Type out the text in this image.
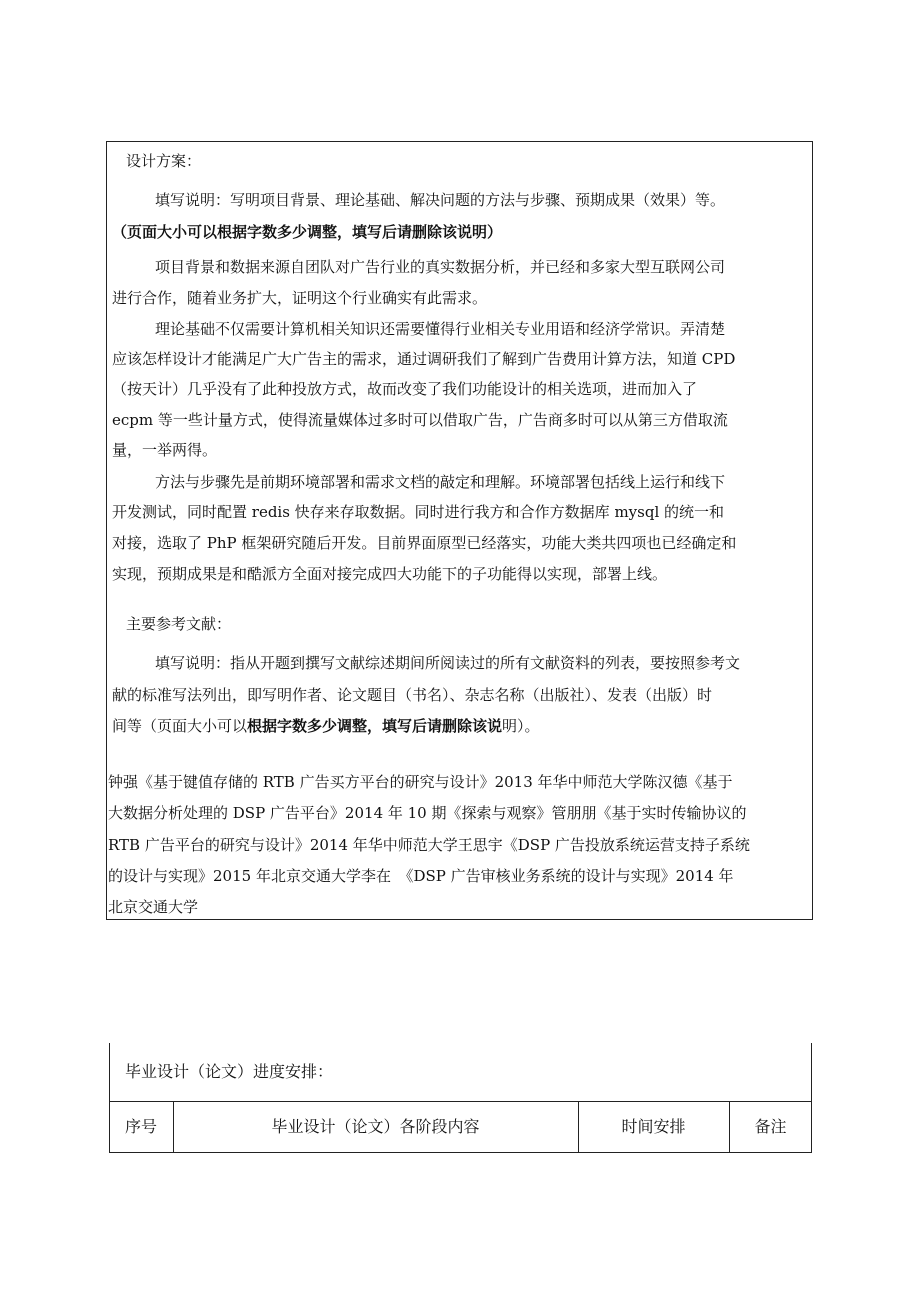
设计方案：
填写说明：写明项目背景、理论基础、解决问题的方法与步骤、预期成果（效果）等。
（页面大小可以根据字数多少调整，填写后请删除该说明）
项目背景和数据来源自团队对广告行业的真实数据分析，并已经和多家大型互联网公司
进行合作，随着业务扩大，证明这个行业确实有此需求。
理论基础不仅需要计算机相关知识还需要懂得行业相关专业用语和经济学常识。弄清楚
应该怎样设计才能满足广大广告主的需求，通过调研我们了解到广告费用计算方法，知道 CPD
（按天计）几乎没有了此种投放方式，故而改变了我们功能设计的相关选项，进而加入了
ecpm 等一些计量方式，使得流量媒体过多时可以借取广告，广告商多时可以从第三方借取流
量，一举两得。
方法与步骤先是前期环境部署和需求文档的敲定和理解。环境部署包括线上运行和线下
开发测试，同时配置 redis 快存来存取数据。同时进行我方和合作方数据库 mysql 的统一和
对接，选取了 PhP 框架研究随后开发。目前界面原型已经落实，功能大类共四项也已经确定和
实现，预期成果是和酷派方全面对接完成四大功能下的子功能得以实现，部署上线。
主要参考文献：
填写说明：指从开题到撰写文献综述期间所阅读过的所有文献资料的列表，要按照参考文
献的标准写法列出，即写明作者、论文题目（书名）、杂志名称（出版社）、发表（出版）时
间等（页面大小可以根据字数多少调整，填写后请删除该说明）。
钟强《基于键值存储的 RTB 广告买方平台的研究与设计》2013 年华中师范大学陈汉德《基于
大数据分析处理的 DSP 广告平台》2014 年 10 期《探索与观察》管朋朋《基于实时传输协议的
RTB 广告平台的研究与设计》2014 年华中师范大学王思宇《DSP 广告投放系统运营支持子系统
的设计与实现》2015 年北京交通大学李在　《DSP 广告审核业务系统的设计与实现》2014 年
北京交通大学
毕业设计（论文）进度安排：
序号	毕业设计（论文）各阶段内容	时间安排	备注
